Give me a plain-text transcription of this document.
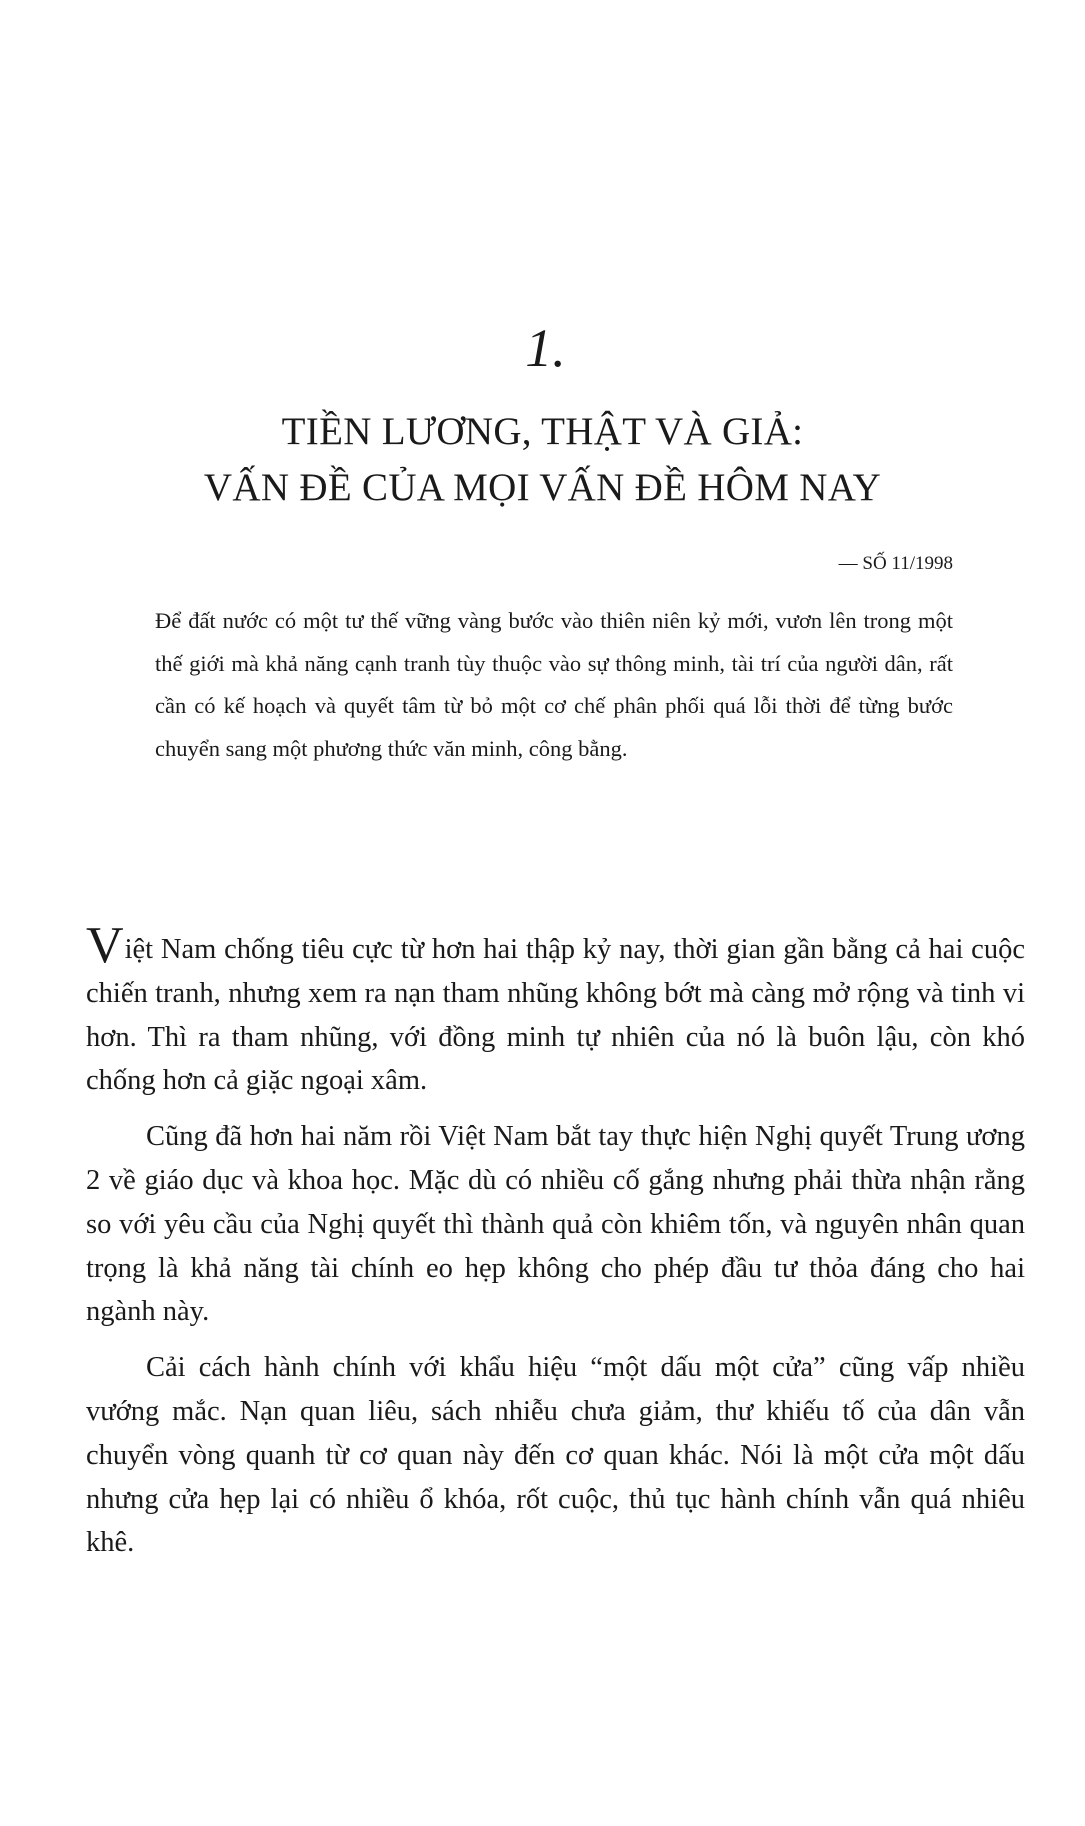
1.
TIỀN LƯƠNG, THẬT VÀ GIẢ:
VẤN ĐỀ CỦA MỌI VẤN ĐỀ HÔM NAY
— SỐ 11/1998
Để đất nước có một tư thế vững vàng bước vào thiên niên kỷ mới, vươn lên trong một thế giới mà khả năng cạnh tranh tùy thuộc vào sự thông minh, tài trí của người dân, rất cần có kế hoạch và quyết tâm từ bỏ một cơ chế phân phối quá lỗi thời để từng bước chuyển sang một phương thức văn minh, công bằng.

Việt Nam chống tiêu cực từ hơn hai thập kỷ nay, thời gian gần bằng cả hai cuộc chiến tranh, nhưng xem ra nạn tham nhũng không bớt mà càng mở rộng và tinh vi hơn. Thì ra tham nhũng, với đồng minh tự nhiên của nó là buôn lậu, còn khó chống hơn cả giặc ngoại xâm.

Cũng đã hơn hai năm rồi Việt Nam bắt tay thực hiện Nghị quyết Trung ương 2 về giáo dục và khoa học. Mặc dù có nhiều cố gắng nhưng phải thừa nhận rằng so với yêu cầu của Nghị quyết thì thành quả còn khiêm tốn, và nguyên nhân quan trọng là khả năng tài chính eo hẹp không cho phép đầu tư thỏa đáng cho hai ngành này.

Cải cách hành chính với khẩu hiệu “một dấu một cửa” cũng vấp nhiều vướng mắc. Nạn quan liêu, sách nhiễu chưa giảm, thư khiếu tố của dân vẫn chuyển vòng quanh từ cơ quan này đến cơ quan khác. Nói là một cửa một dấu nhưng cửa hẹp lại có nhiều ổ khóa, rốt cuộc, thủ tục hành chính vẫn quá nhiêu khê.
